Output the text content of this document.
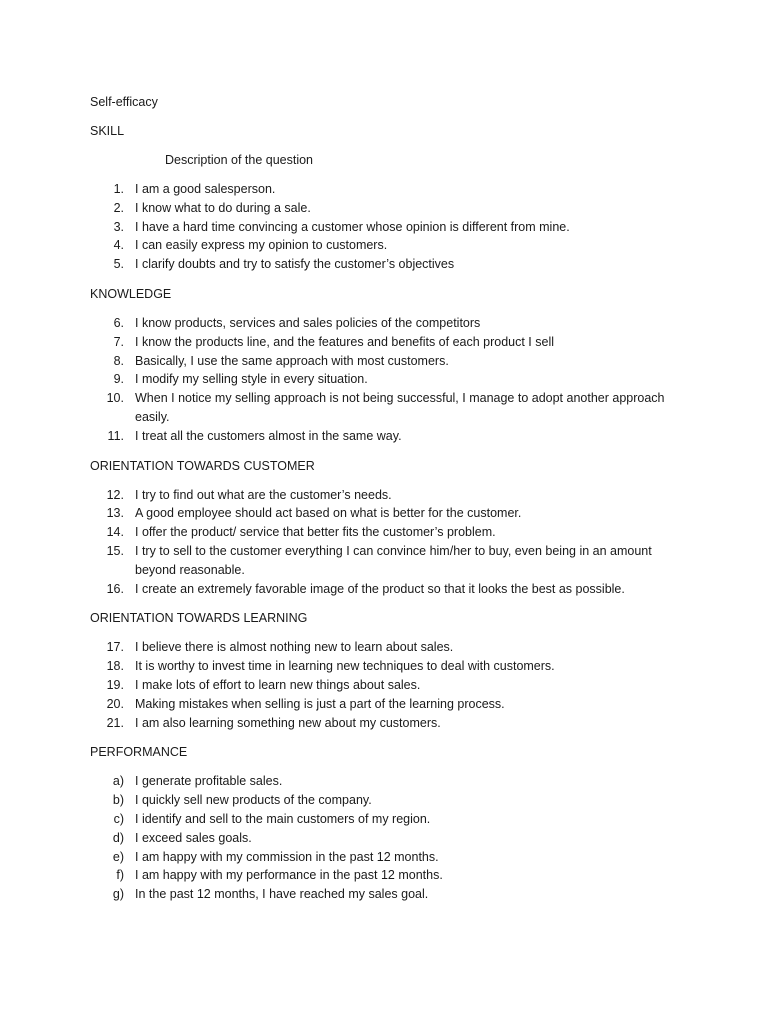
Self-efficacy
SKILL
Description of the question
1. I am a good salesperson.
2. I know what to do during a sale.
3. I have a hard time convincing a customer whose opinion is different from mine.
4. I can easily express my opinion to customers.
5. I clarify doubts and try to satisfy the customer’s objectives
KNOWLEDGE
6. I know products, services and sales policies of the competitors
7. I know the products line, and the features and benefits of each product I sell
8. Basically, I use the same approach with most customers.
9. I modify my selling style in every situation.
10. When I notice my selling approach is not being successful, I manage to adopt another approach easily.
11. I treat all the customers almost in the same way.
ORIENTATION TOWARDS CUSTOMER
12. I try to find out what are the customer’s needs.
13. A good employee should act based on what is better for the customer.
14. I offer the product/ service that better fits the customer’s problem.
15. I try to sell to the customer everything I can convince him/her to buy, even being in an amount beyond reasonable.
16. I create an extremely favorable image of the product so that it looks the best as possible.
ORIENTATION TOWARDS LEARNING
17. I believe there is almost nothing new to learn about sales.
18. It is worthy to invest time in learning new techniques to deal with customers.
19. I make lots of effort to learn new things about sales.
20. Making mistakes when selling is just a part of the learning process.
21. I am also learning something new about my customers.
PERFORMANCE
a) I generate profitable sales.
b) I quickly sell new products of the company.
c) I identify and sell to the main customers of my region.
d) I exceed sales goals.
e) I am happy with my commission in the past 12 months.
f) I am happy with my performance in the past 12 months.
g) In the past 12 months, I have reached my sales goal.
